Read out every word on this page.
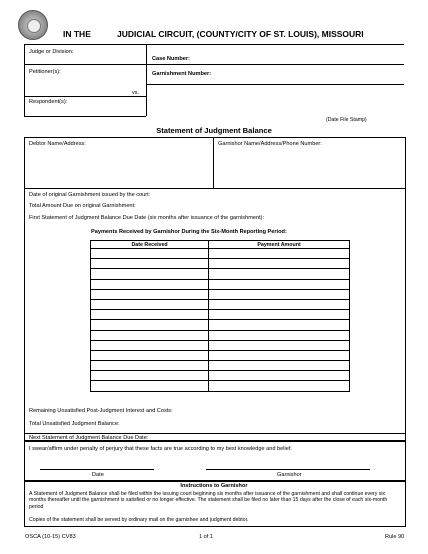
IN THE	JUDICIAL CIRCUIT, (COUNTY/CITY OF ST. LOUIS), MISSOURI
Judge or Division:
Petitioner(s):
vs.
Respondent(s):
Case Number:
Garnishment Number:
(Date File Stamp)
Statement of Judgment Balance
Debtor Name/Address:	Garnishor Name/Address/Phone Number:
Date of original Garnishment issued by the court:
Total Amount Due on original Garnishment:
First Statement of Judgment Balance Due Date (six months after issuance of the garnishment):
Payments Received by Garnishor During the Six-Month Reporting Period:
Date Received	Payment Amount

Remaining Unsatisfied Post-Judgment Interest and Costs:
Total Unsatisfied Judgment Balance:
Next Statement of Judgment Balance Due Date:
I swear/affirm under penalty of perjury that these facts are true according to my best knowledge and belief.
Date	Garnishor
Instructions to Garnishor
A Statement of Judgment Balance shall be filed within the issuing court beginning six months after issuance of the garnishment and shall continue every six months thereafter until the garnishment is satisfied or no longer effective. The statement shall be filed no later than 15 days after the close of each six-month period
Copies of the statement shall be served by ordinary mail on the garnishee and judgment debtor.
OSCA (10-15) CV83	1 of 1	Rule 90
